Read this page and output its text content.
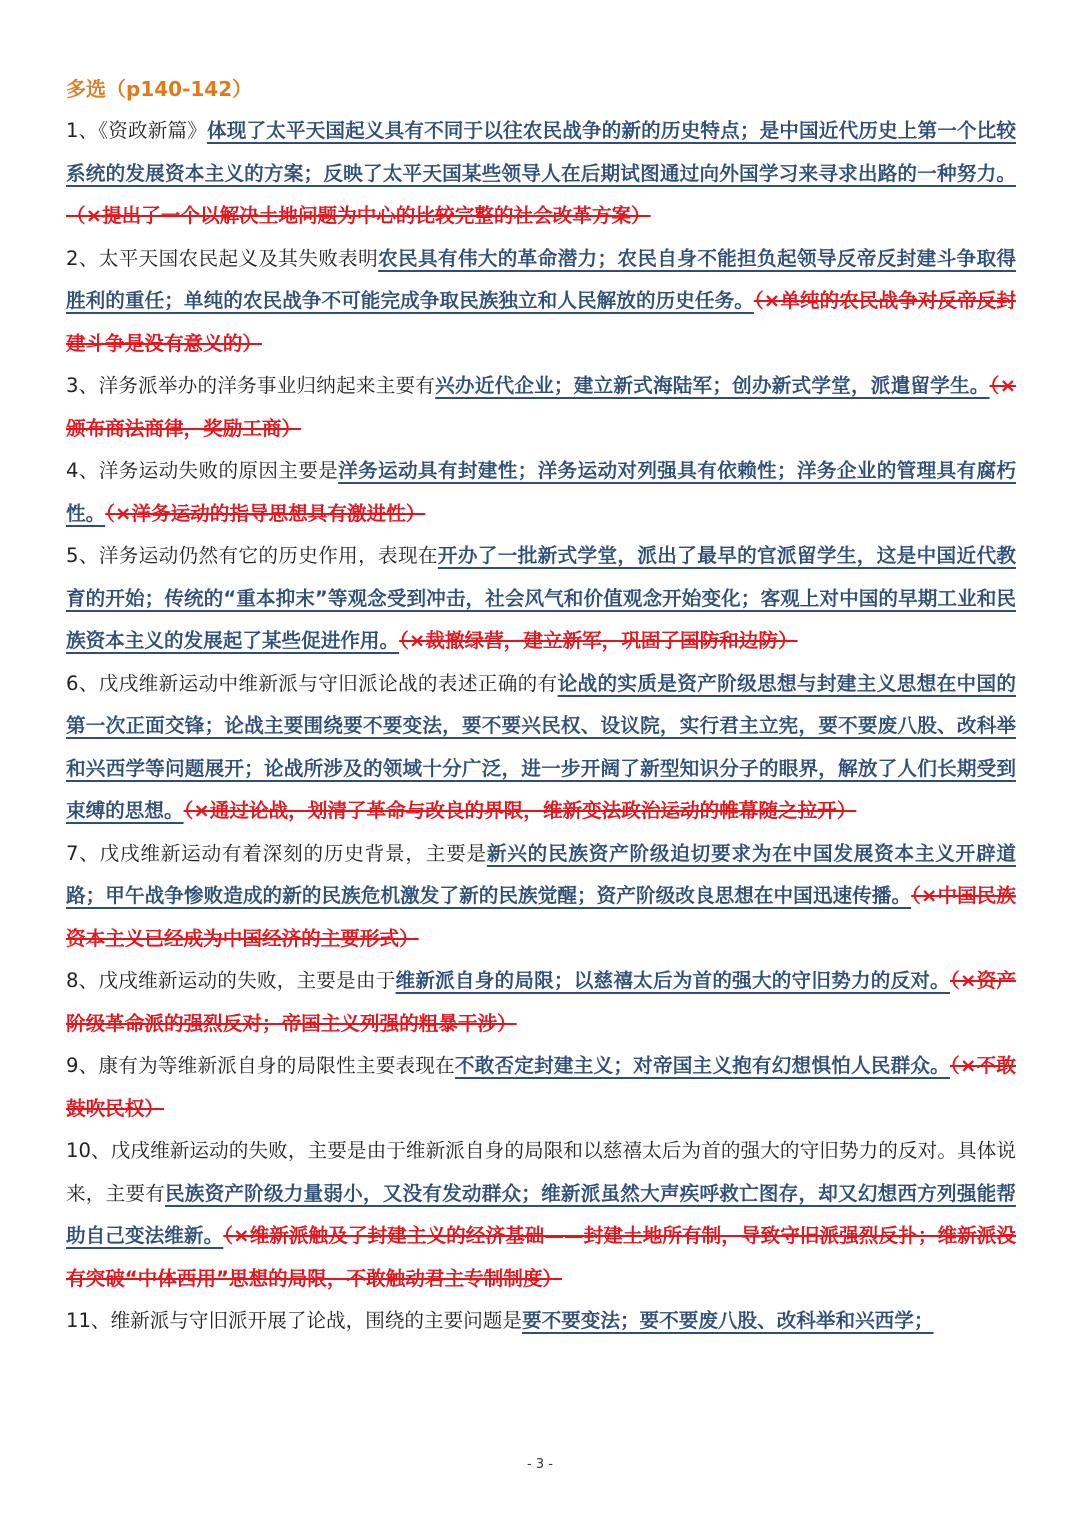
多选（p140-142）

1、《资政新篇》体现了太平天国起义具有不同于以往农民战争的新的历史特点；是中国近代历史上第一个比较系统的发展资本主义的方案；反映了太平天国某些领导人在后期试图通过向外国学习来寻求出路的一种努力。（×提出了一个以解决土地问题为中心的比较完整的社会改革方案）

2、太平天国农民起义及其失败表明农民具有伟大的革命潜力；农民自身不能担负起领导反帝反封建斗争取得胜利的重任；单纯的农民战争不可能完成争取民族独立和人民解放的历史任务。（×单纯的农民战争对反帝反封建斗争是没有意义的）

3、洋务派举办的洋务事业归纳起来主要有兴办近代企业；建立新式海陆军；创办新式学堂，派遣留学生。（×颁布商法商律，奖励工商）

4、洋务运动失败的原因主要是洋务运动具有封建性；洋务运动对列强具有依赖性；洋务企业的管理具有腐朽性。（×洋务运动的指导思想具有激进性）

5、洋务运动仍然有它的历史作用，表现在开办了一批新式学堂，派出了最早的官派留学生，这是中国近代教育的开始；传统的“重本抑末”等观念受到冲击，社会风气和价值观念开始变化；客观上对中国的早期工业和民族资本主义的发展起了某些促进作用。（×裁撤绿营，建立新军，巩固了国防和边防）

6、戊戌维新运动中维新派与守旧派论战的表述正确的有论战的实质是资产阶级思想与封建主义思想在中国的第一次正面交锋；论战主要围绕要不要变法，要不要兴民权、设议院，实行君主立宪，要不要废八股、改科举和兴西学等问题展开；论战所涉及的领域十分广泛，进一步开阔了新型知识分子的眼界，解放了人们长期受到束缚的思想。（×通过论战，划清了革命与改良的界限，维新变法政治运动的帷幕随之拉开）

7、戊戌维新运动有着深刻的历史背景，主要是新兴的民族资产阶级迫切要求为在中国发展资本主义开辟道路；甲午战争惨败造成的新的民族危机激发了新的民族觉醒；资产阶级改良思想在中国迅速传播。（×中国民族资本主义已经成为中国经济的主要形式）

8、戊戌维新运动的失败，主要是由于维新派自身的局限；以慈禧太后为首的强大的守旧势力的反对。（×资产阶级革命派的强烈反对；帝国主义列强的粗暴干涉）

9、康有为等维新派自身的局限性主要表现在不敢否定封建主义；对帝国主义抱有幻想惧怕人民群众。（×不敢鼓吹民权）

10、戊戌维新运动的失败，主要是由于维新派自身的局限和以慈禧太后为首的强大的守旧势力的反对。具体说来，主要有民族资产阶级力量弱小，又没有发动群众；维新派虽然大声疾呼救亡图存，却又幻想西方列强能帮助自己变法维新。（×维新派触及了封建主义的经济基础——封建土地所有制，导致守旧派强烈反扑；维新派没有突破“中体西用”思想的局限，不敢触动君主专制制度）

11、维新派与守旧派开展了论战，围绕的主要问题是要不要变法；要不要废八股、改科举和兴西学；

- 3 -
